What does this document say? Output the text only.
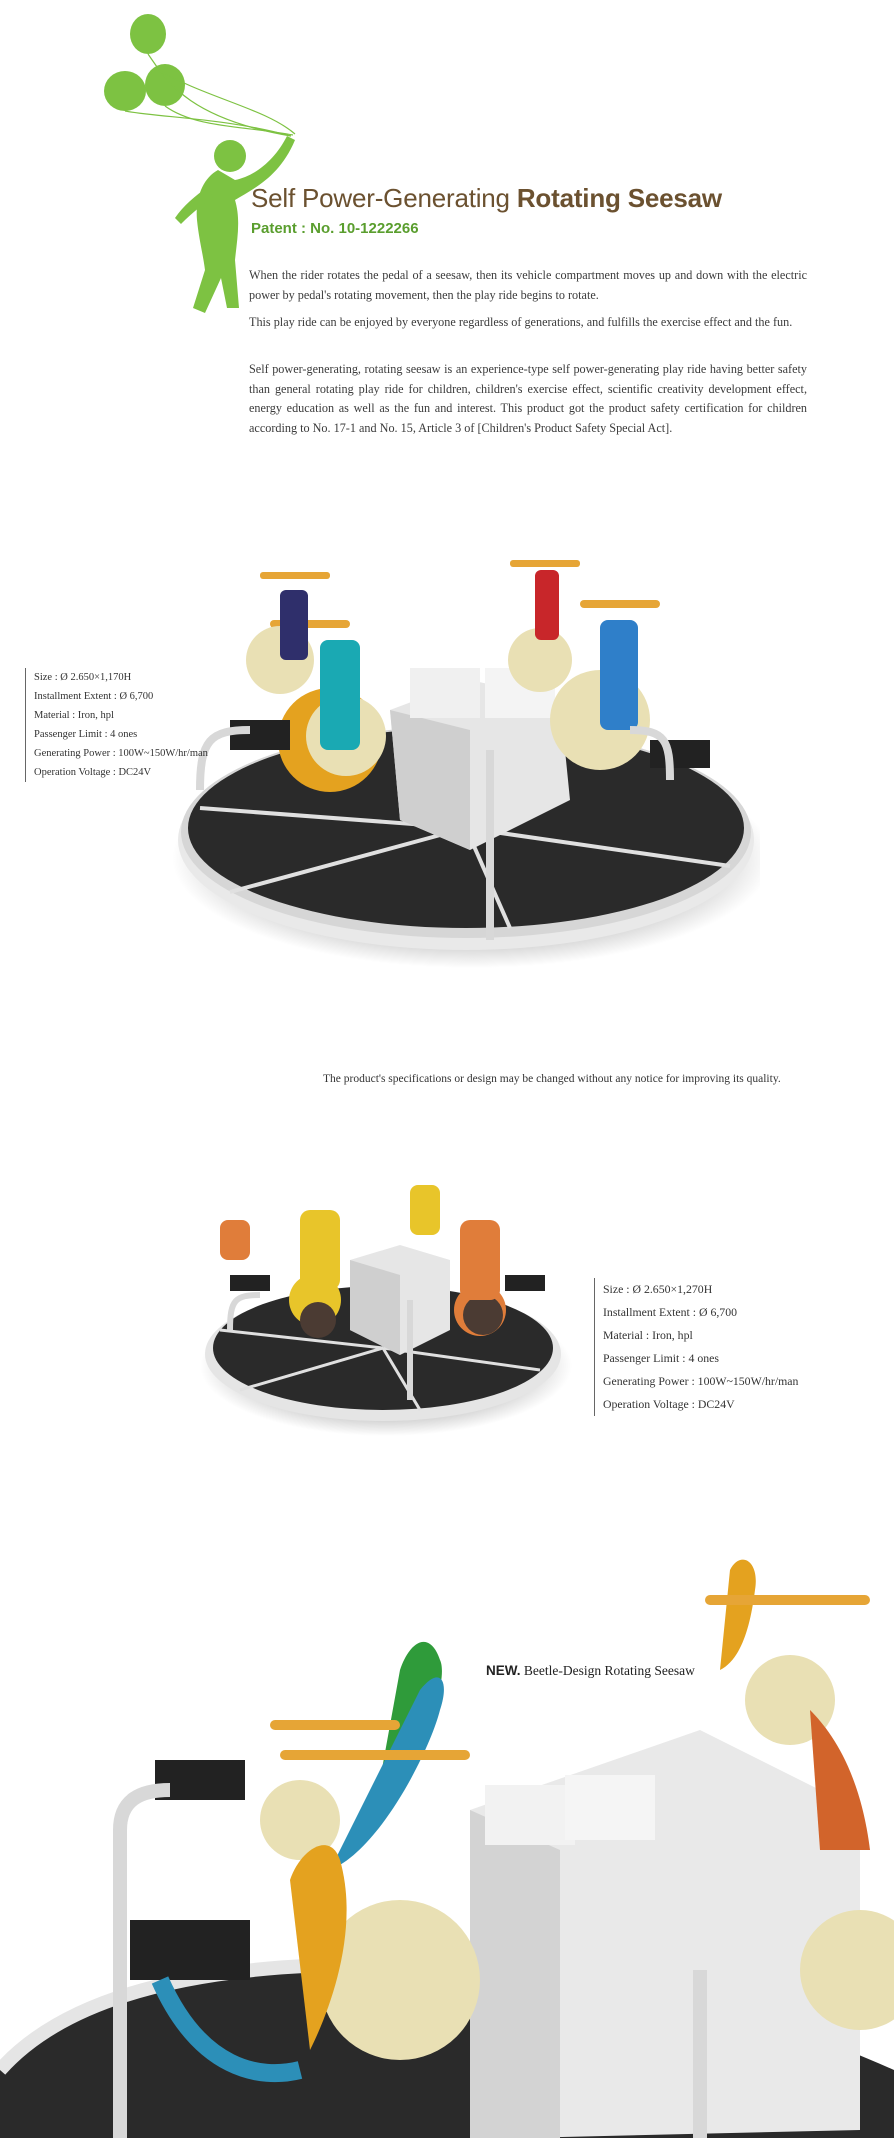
Self Power-Generating Rotating Seesaw
Patent : No. 10-1222266

When the rider rotates the pedal of a seesaw, then its vehicle compartment moves up and down with the electric power by pedal's rotating movement, then the play ride begins to rotate.

This play ride can be enjoyed by everyone regardless of generations, and fulfills the exercise effect and the fun.

Self power-generating, rotating seesaw is an experience-type self power-generating play ride having better safety than general rotating play ride for children, children's exercise effect, scientific creativity development effect, energy education as well as the fun and interest. This product got the product safety certification for children according to No. 17-1 and No. 15, Article 3 of [Children's Product Safety Special Act].

Size : Ø 2.650×1,170H
Installment Extent : Ø 6,700
Material : Iron, hpl
Passenger Limit : 4 ones
Generating Power : 100W~150W/hr/man
Operation Voltage : DC24V
The product's specifications or design may be changed without any notice for improving its quality.
Size : Ø 2.650×1,270H
Installment Extent : Ø 6,700
Material : Iron, hpl
Passenger Limit : 4 ones
Generating Power : 100W~150W/hr/man
Operation Voltage : DC24V
NEW. Beetle-Design Rotating Seesaw
